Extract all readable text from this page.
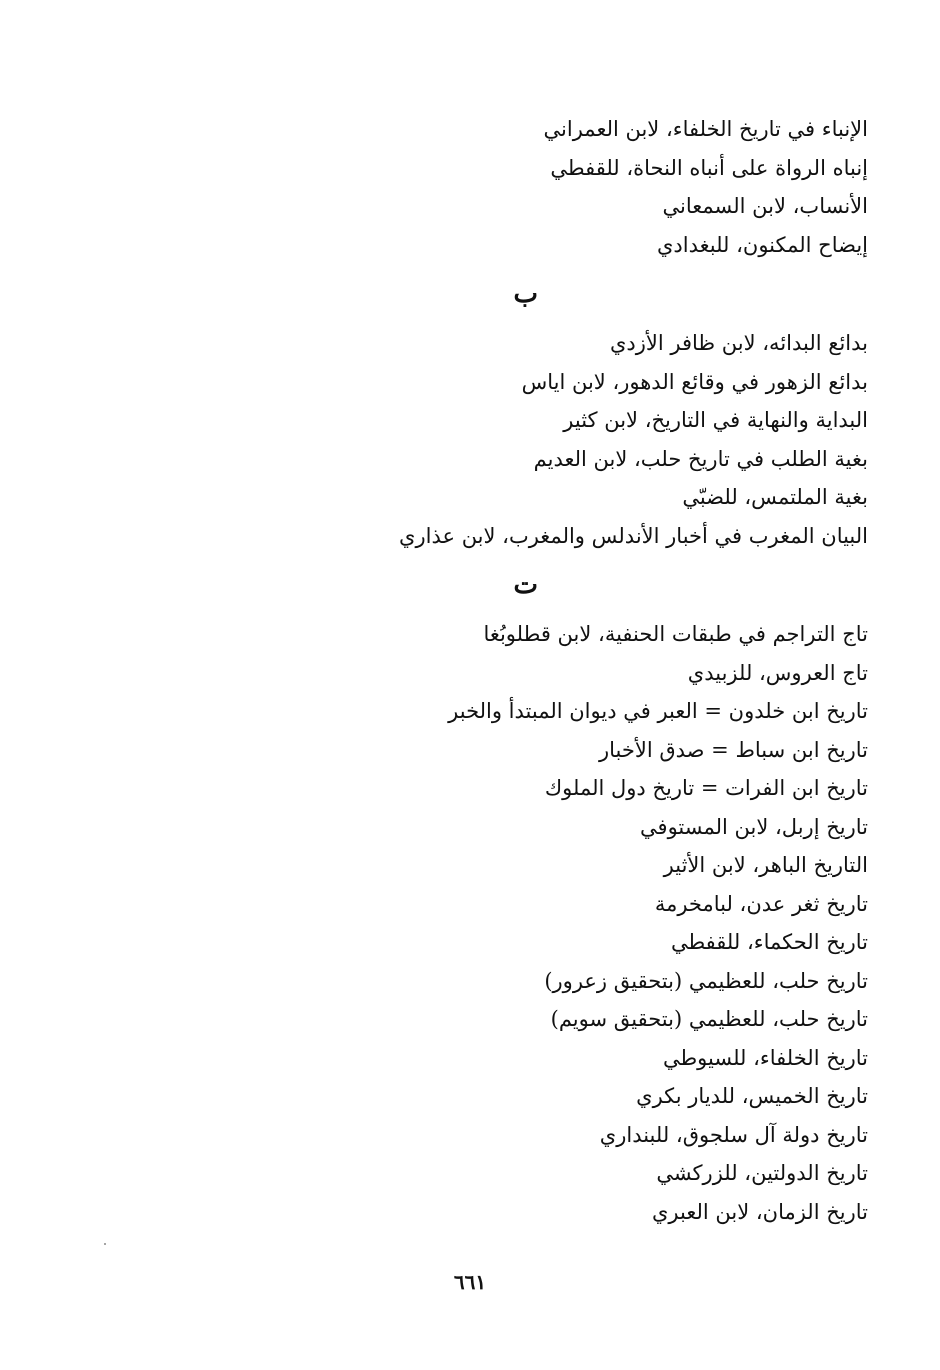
الإنباء في تاريخ الخلفاء، لابن العمراني
إنباه الرواة على أنباه النحاة، للقفطي
الأنساب، لابن السمعاني
إيضاح المكنون، للبغدادي
ب
بدائع البدائه، لابن ظافر الأزدي
بدائع الزهور في وقائع الدهور، لابن اياس
البداية والنهاية في التاريخ، لابن كثير
بغية الطلب في تاريخ حلب، لابن العديم
بغية الملتمس، للضبّي
البيان المغرب في أخبار الأندلس والمغرب، لابن عذاري
ت
تاج التراجم في طبقات الحنفية، لابن قطلوبُغا
تاج العروس، للزبيدي
تاريخ ابن خلدون = العبر في ديوان المبتدأ والخبر
تاريخ ابن سباط = صدق الأخبار
تاريخ ابن الفرات = تاريخ دول الملوك
تاريخ إربل، لابن المستوفي
التاريخ الباهر، لابن الأثير
تاريخ ثغر عدن، لبامخرمة
تاريخ الحكماء، للقفطي
تاريخ حلب، للعظيمي (بتحقيق زعرور)
تاريخ حلب، للعظيمي (بتحقيق سويم)
تاريخ الخلفاء، للسيوطي
تاريخ الخميس، للديار بكري
تاريخ دولة آل سلجوق، للبنداري
تاريخ الدولتين، للزركشي
تاريخ الزمان، لابن العبري
٦٦١
